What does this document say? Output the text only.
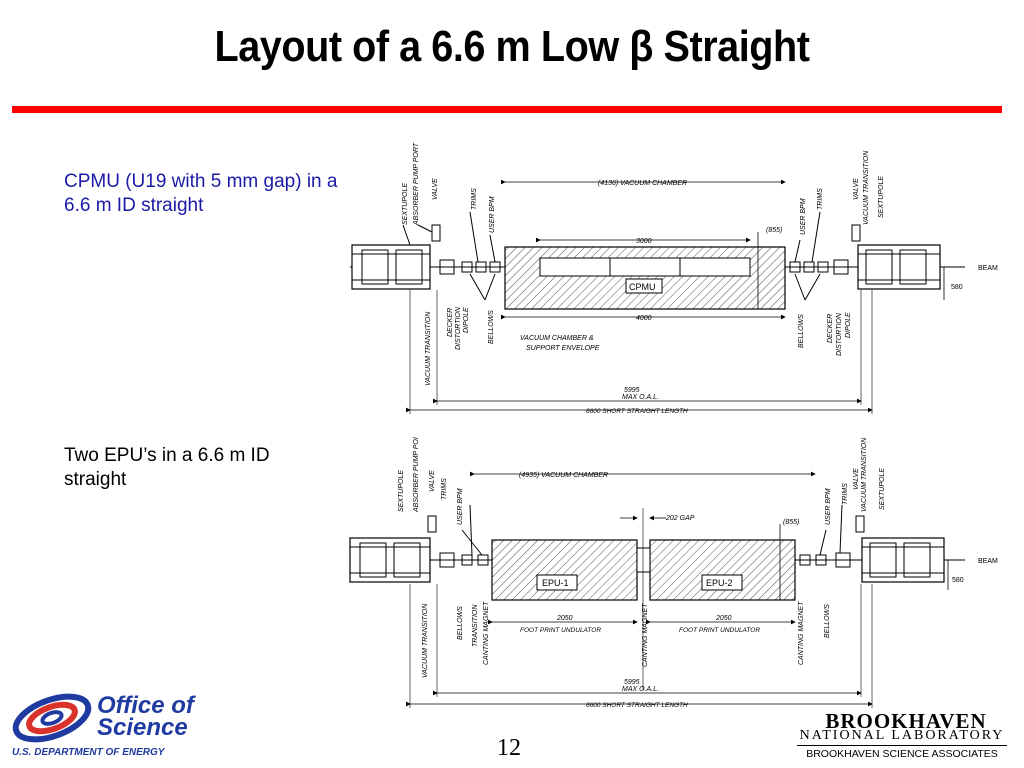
Layout of a 6.6 m Low β Straight
CPMU (U19 with 5 mm gap) in a 6.6 m ID straight
Two EPU’s in a 6.6 m ID straight
(4136) VACUUM CHAMBER
3000
(855)
CPMU
4000
BEAM
580
VACUUM CHAMBER &
SUPPORT ENVELOPE
5995
MAX O.A.L.
6600 SHORT STRAIGHT LENGTH
SEXTUPOLE ABSORBER PUMP PORT VALVE	TRIMS USER BPM	USER BPM TRIMS	VALVE VACUUM TRANSITION SEXTUPOLE
VACUUM TRANSITION DECKER DISTORTION DIPOLE	BELLOWS	BELLOWS	DECKER DISTORTION DIPOLE
(4935) VACUUM CHAMBER
202 GAP
(855)
EPU-1	EPU-2
BEAM
580
2050
FOOT PRINT UNDULATOR
2050
FOOT PRINT UNDULATOR
5995
MAX O.A.L.
6600 SHORT STRAIGHT LENGTH
SEXTUPOLE ABSORBER PUMP POI VALVE TRIMS USER BPM	USER BPM TRIMS
VALVE VACUUM TRANSITION SEXTUPOLE
VACUUM TRANSITION	BELLOWS TRANSITION CANTING MAGNET	CANTING MAGNET	CANTING MAGNET	BELLOWS
Office of
Science
U.S. DEPARTMENT OF ENERGY	12
BROOKHAVEN
NATIONAL LABORATORY
BROOKHAVEN SCIENCE ASSOCIATES
